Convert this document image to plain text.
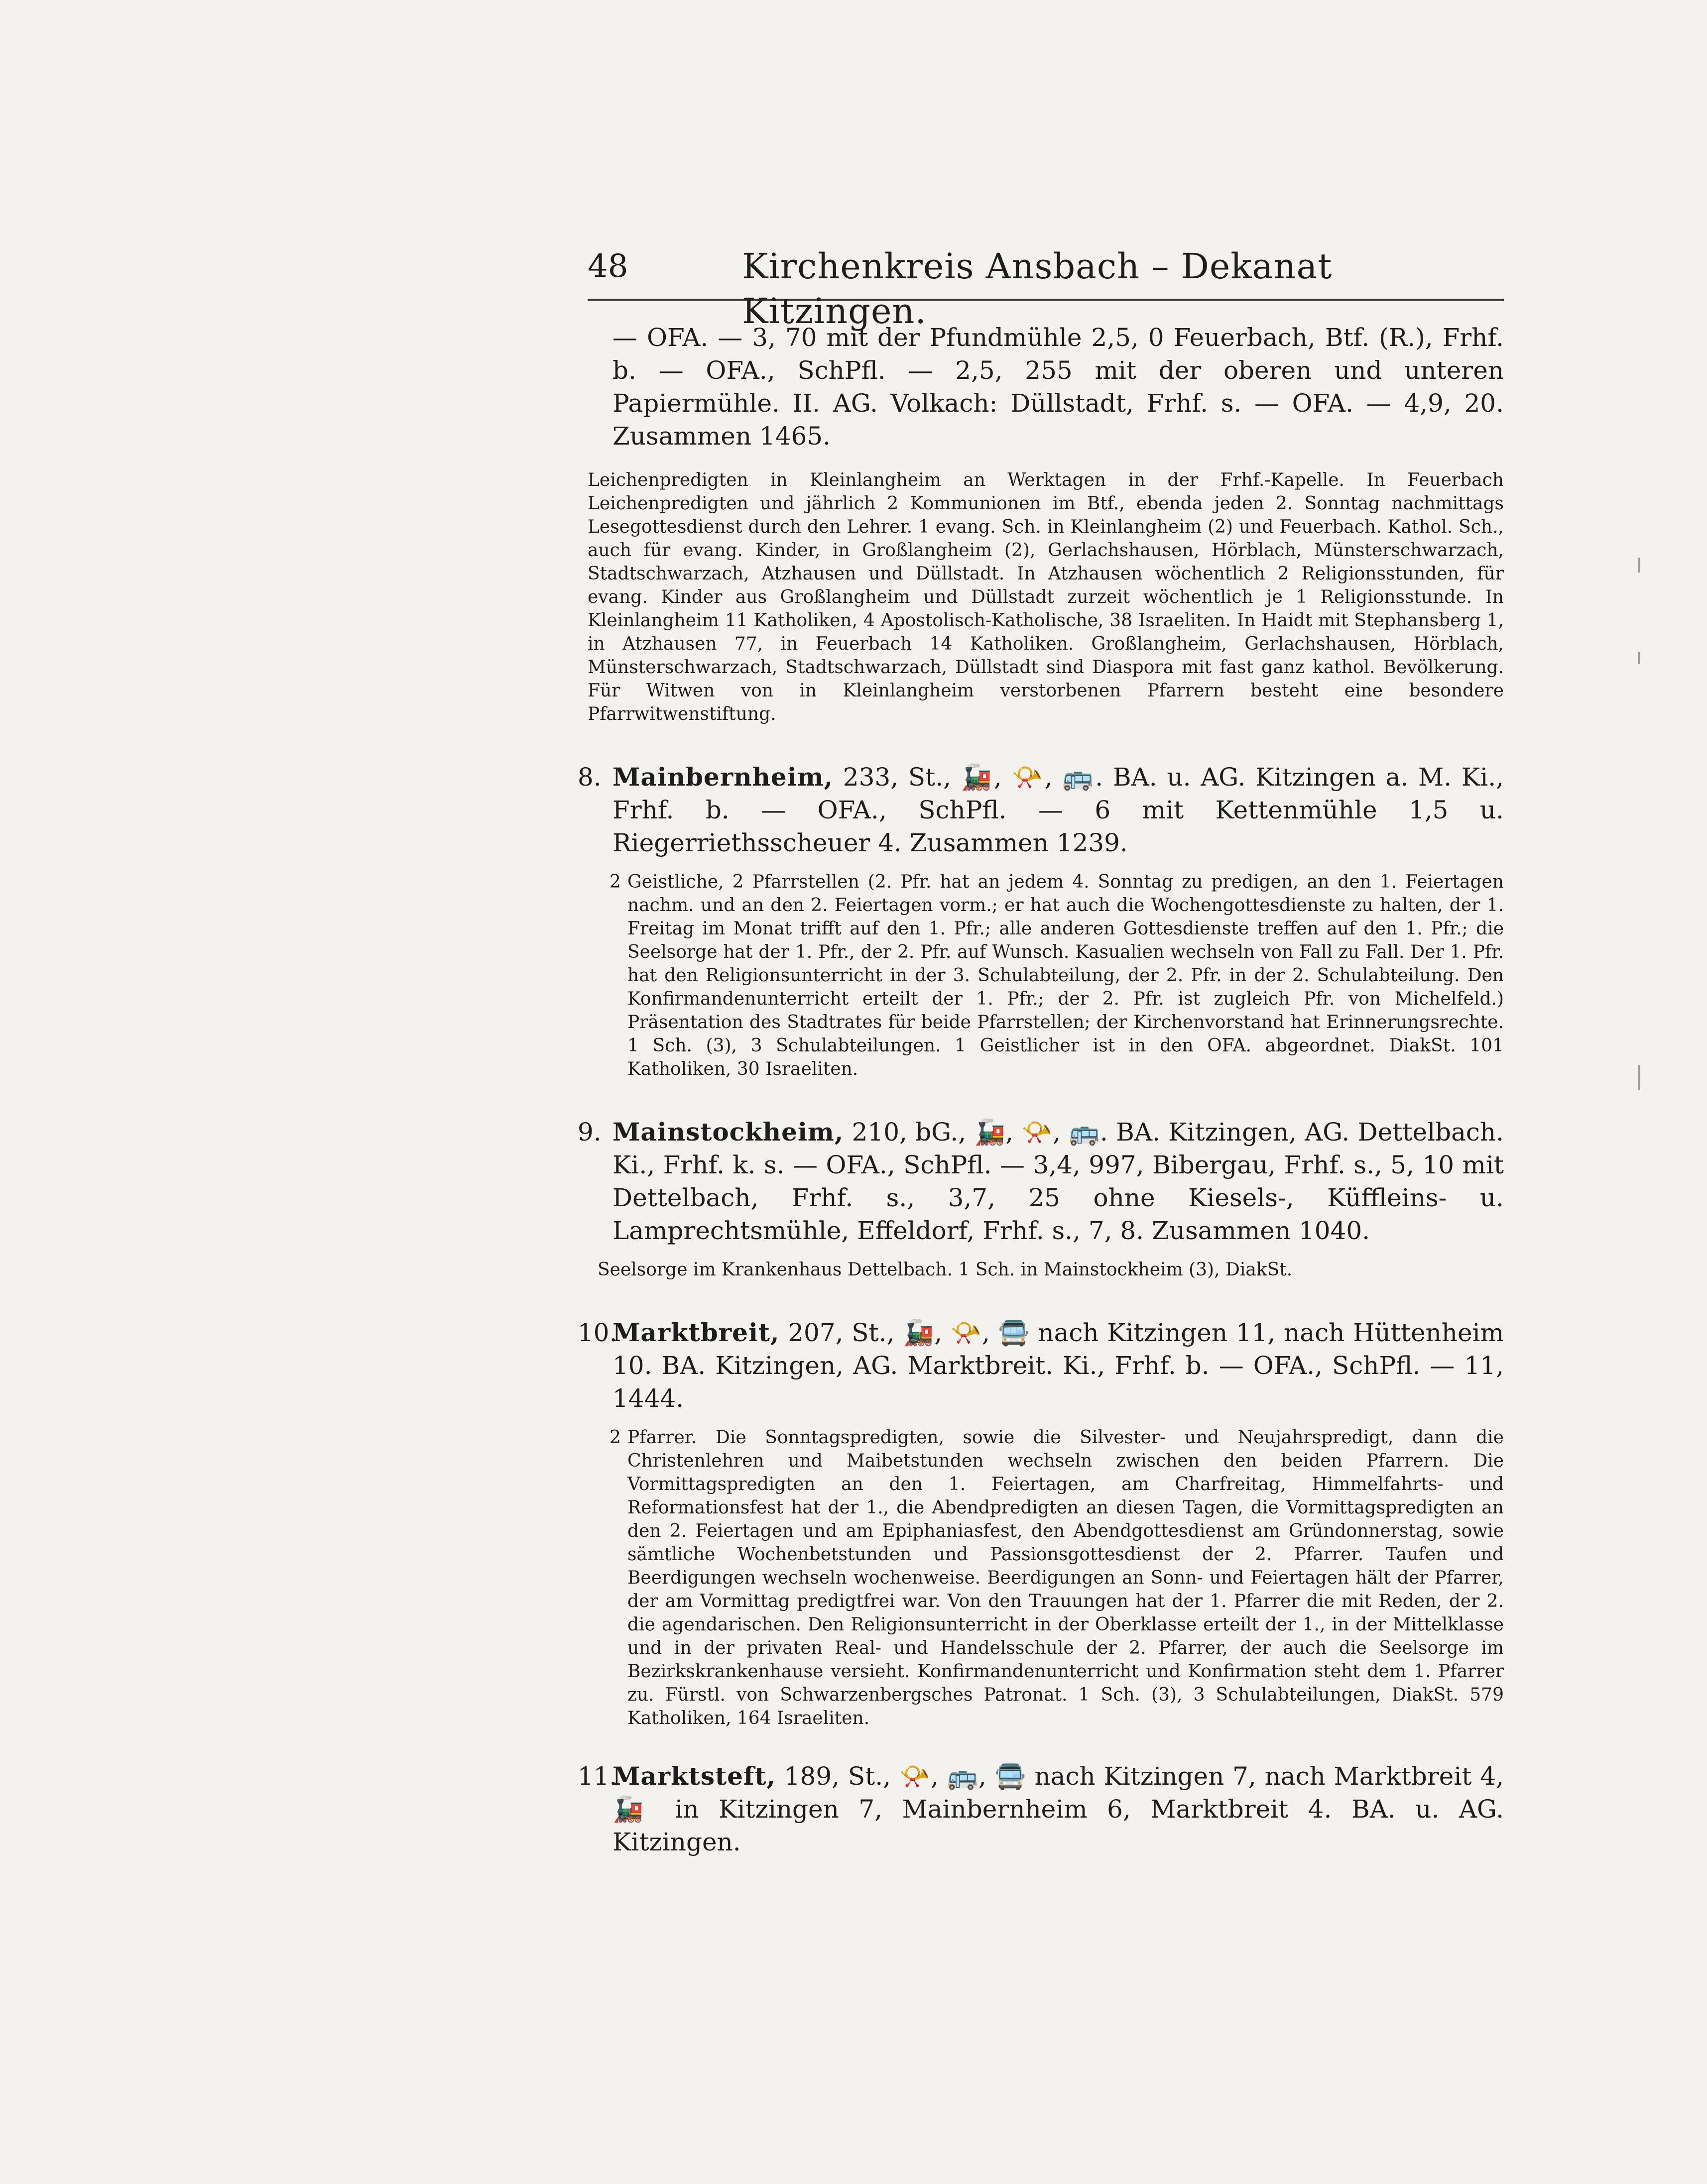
48	Kirchenkreis Ansbach – Dekanat Kitzingen.

— OFA. — 3, 70 mit der Pfundmühle 2,5, 0 Feuerbach, Btf. (R.), Frhf. b. — OFA., SchPfl. — 2,5, 255 mit der oberen und unteren Papiermühle. II. AG. Volkach: Düllstadt, Frhf. s. — OFA. — 4,9, 20. Zusammen 1465.

Leichenpredigten in Kleinlangheim an Werktagen in der Frhf.-Kapelle. In Feuerbach Leichenpredigten und jährlich 2 Kommunionen im Btf., ebenda jeden 2. Sonntag nachmittags Lesegottesdienst durch den Lehrer. 1 evang. Sch. in Kleinlangheim (2) und Feuerbach. Kathol. Sch., auch für evang. Kinder, in Großlangheim (2), Gerlachshausen, Hörblach, Münsterschwarzach, Stadtschwarzach, Atzhausen und Düllstadt. In Atzhausen wöchentlich 2 Religionsstunden, für evang. Kinder aus Großlangheim und Düllstadt zurzeit wöchentlich je 1 Religionsstunde. In Kleinlangheim 11 Katholiken, 4 Apostolisch-Katholische, 38 Israeliten. In Haidt mit Stephansberg 1, in Atzhausen 77, in Feuerbach 14 Katholiken. Großlangheim, Gerlachshausen, Hörblach, Münsterschwarzach, Stadtschwarzach, Düllstadt sind Diaspora mit fast ganz kathol. Bevölkerung. Für Witwen von in Kleinlangheim verstorbenen Pfarrern besteht eine besondere Pfarrwitwenstiftung.

8. Mainbernheim, 233, St., 🚂, 📯, 🚌. BA. u. AG. Kitzingen a. M. Ki., Frhf. b. — OFA., SchPfl. — 6 mit Kettenmühle 1,5 u. Riegerriethsscheuer 4. Zusammen 1239.

2 Geistliche, 2 Pfarrstellen (2. Pfr. hat an jedem 4. Sonntag zu predigen, an den 1. Feiertagen nachm. und an den 2. Feiertagen vorm.; er hat auch die Wochengottesdienste zu halten, der 1. Freitag im Monat trifft auf den 1. Pfr.; alle anderen Gottesdienste treffen auf den 1. Pfr.; die Seelsorge hat der 1. Pfr., der 2. Pfr. auf Wunsch. Kasualien wechseln von Fall zu Fall. Der 1. Pfr. hat den Religionsunterricht in der 3. Schulabteilung, der 2. Pfr. in der 2. Schulabteilung. Den Konfirmandenunterricht erteilt der 1. Pfr.; der 2. Pfr. ist zugleich Pfr. von Michelfeld.) Präsentation des Stadtrates für beide Pfarrstellen; der Kirchenvorstand hat Erinnerungsrechte. 1 Sch. (3), 3 Schulabteilungen. 1 Geistlicher ist in den OFA. abgeordnet. DiakSt. 101 Katholiken, 30 Israeliten.

9. Mainstockheim, 210, bG., 🚂, 📯, 🚌. BA. Kitzingen, AG. Dettelbach. Ki., Frhf. k. s. — OFA., SchPfl. — 3,4, 997, Bibergau, Frhf. s., 5, 10 mit Dettelbach, Frhf. s., 3,7, 25 ohne Kiesels-, Küffleins- u. Lamprechtsmühle, Effeldorf, Frhf. s., 7, 8. Zusammen 1040.

Seelsorge im Krankenhaus Dettelbach. 1 Sch. in Mainstockheim (3), DiakSt.

10.

Marktbreit, 207, St., 🚂, 📯, 🚍 nach Kitzingen 11, nach Hüttenheim 10. BA. Kitzingen, AG. Marktbreit. Ki., Frhf. b. — OFA., SchPfl. — 11, 1444.

2 Pfarrer. Die Sonntagspredigten, sowie die Silvester- und Neujahrspredigt, dann die Christenlehren und Maibetstunden wechseln zwischen den beiden Pfarrern. Die Vormittagspredigten an den 1. Feiertagen, am Charfreitag, Himmelfahrts- und Reformationsfest hat der 1., die Abendpredigten an diesen Tagen, die Vormittagspredigten an den 2. Feiertagen und am Epiphaniasfest, den Abendgottesdienst am Gründonnerstag, sowie sämtliche Wochenbetstunden und Passionsgottesdienst der 2. Pfarrer. Taufen und Beerdigungen wechseln wochenweise. Beerdigungen an Sonn- und Feiertagen hält der Pfarrer, der am Vormittag predigtfrei war. Von den Trauungen hat der 1. Pfarrer die mit Reden, der 2. die agendarischen. Den Religionsunterricht in der Oberklasse erteilt der 1., in der Mittelklasse und in der privaten Real- und Handelsschule der 2. Pfarrer, der auch die Seelsorge im Bezirkskrankenhause versieht. Konfirmandenunterricht und Konfirmation steht dem 1. Pfarrer zu. Fürstl. von Schwarzenbergsches Patronat. 1 Sch. (3), 3 Schulabteilungen, DiakSt. 579 Katholiken, 164 Israeliten.

11.

Marktsteft, 189, St., 📯, 🚌, 🚍 nach Kitzingen 7, nach Marktbreit 4, 🚂 in Kitzingen 7, Mainbernheim 6, Marktbreit 4. BA. u. AG. Kitzingen.
